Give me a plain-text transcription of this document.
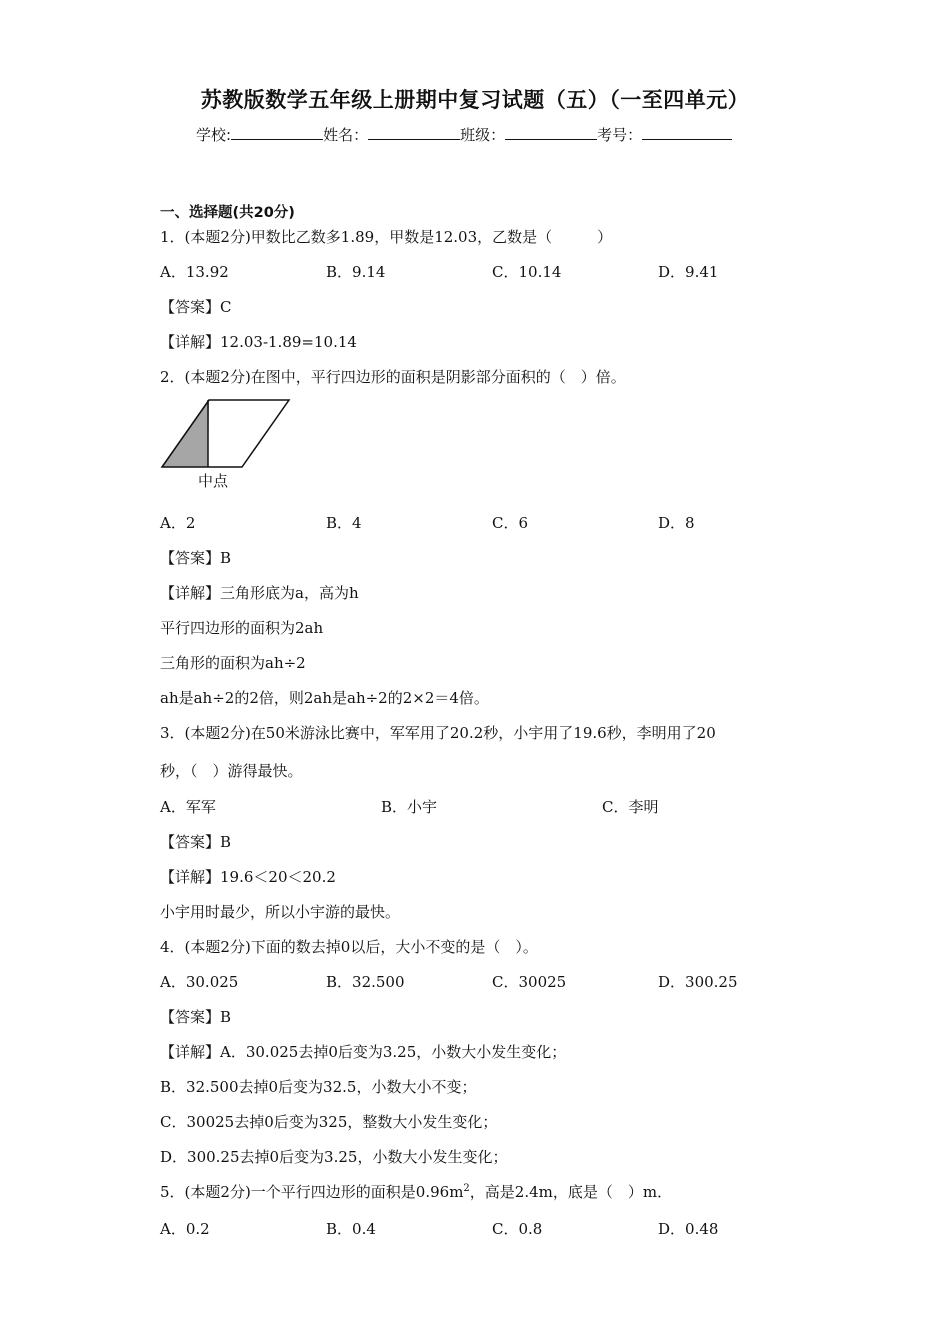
苏教版数学五年级上册期中复习试题（五）（一至四单元）
学校:	姓名：	班级：	考号：
一、选择题(共20分)
1．(本题2分)甲数比乙数多1.89，甲数是12.03，乙数是（　　　）
A．13.92	B．9.14	C．10.14	D．9.41
【答案】C
【详解】12.03-1.89=10.14
2．(本题2分)在图中，平行四边形的面积是阴影部分面积的（　）倍。
中点
A．2	B．4	C．6	D．8
【答案】B
【详解】三角形底为a，高为h
平行四边形的面积为2ah
三角形的面积为ah÷2
ah是ah÷2的2倍，则2ah是ah÷2的2×2＝4倍。
3．(本题2分)在50米游泳比赛中，军军用了20.2秒，小宇用了19.6秒，李明用了20
秒，（　）游得最快。
A．军军	B．小宇	C．李明
【答案】B
【详解】19.6＜20＜20.2
小宇用时最少，所以小宇游的最快。
4．(本题2分)下面的数去掉0以后，大小不变的是（　）。
A．30.025	B．32.500	C．30025	D．300.25
【答案】B
【详解】A．30.025去掉0后变为3.25，小数大小发生变化；
B．32.500去掉0后变为32.5，小数大小不变；
C．30025去掉0后变为325，整数大小发生变化；
D．300.25去掉0后变为3.25，小数大小发生变化；
5．(本题2分)一个平行四边形的面积是$0.96m^2$，高是2.4m，底是（　）m．
A．0.2	B．0.4	C．0.8	D．0.48
